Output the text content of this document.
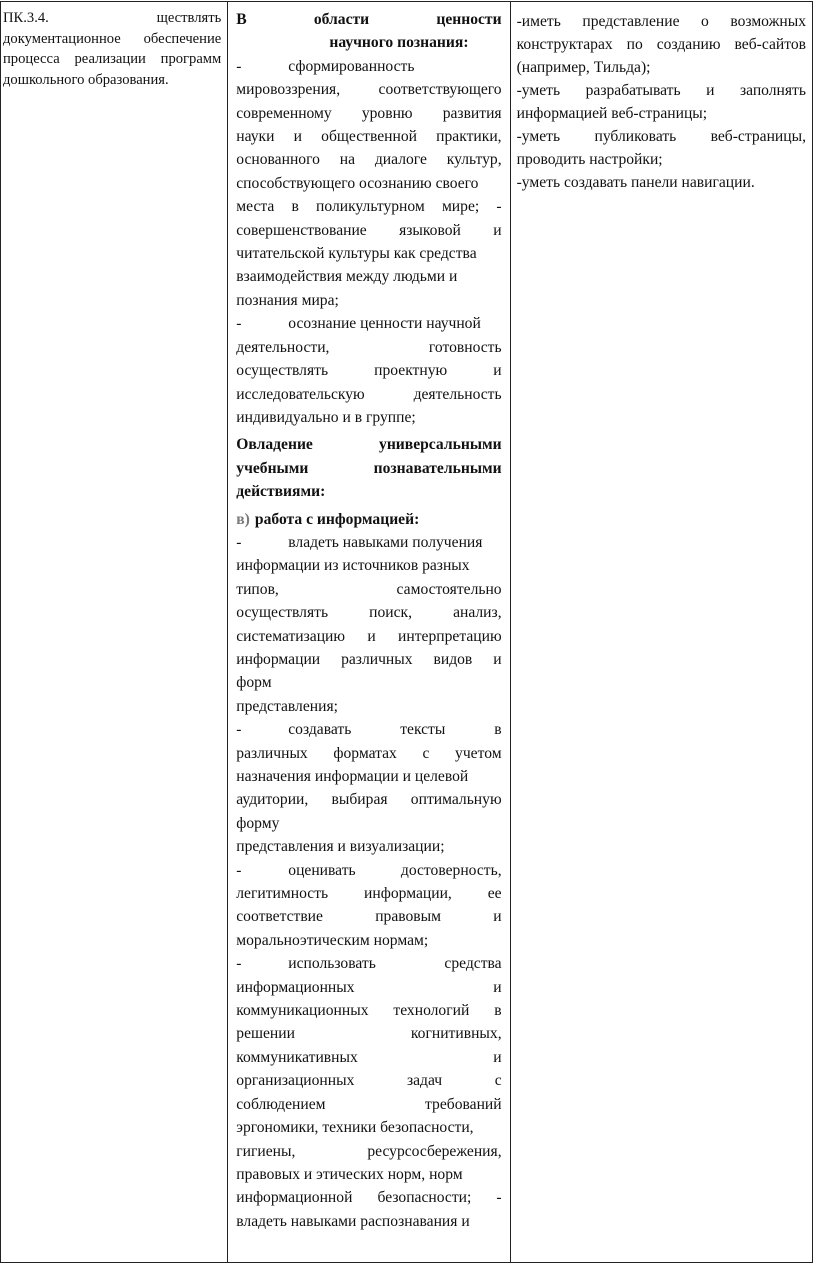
ПК.3.4. ществлять документационное обеспечение процесса реализации программ дошкольного образования.

В	области	ценности
научного познания:
-	сформированность
мировоззрения, соответствующего
современному уровню развития
науки и общественной практики,
основанного на диалоге культур,
способствующего осознанию своего
места в поликультурном мире; -
совершенствование языковой и
читательской культуры как средства
взаимодействия между людьми и
познания мира;
-	осознание ценности научной
деятельности,	готовность
осуществлять	проектную	и
исследовательскую	деятельность
индивидуально и в группе;
Овладение	универсальными
учебными	познавательными
действиями:
в) работа с информацией:
-	владеть навыками получения
информации из источников разных
типов,	самостоятельно
осуществлять	поиск,	анализ,
систематизацию и интерпретацию
информации различных видов и
форм
представления;
-	создавать	тексты	в
различных форматах с учетом
назначения информации и целевой
аудитории, выбирая оптимальную
форму
представления и визуализации;
-	оценивать	достоверность,
легитимность информации, ее
соответствие	правовым	и
моральноэтическим нормам;
-	использовать	средства
информационных	и
коммуникационных технологий в
решении	когнитивных,
коммуникативных	и
организационных	задач	с
соблюдением	требований
эргономики, техники безопасности,
гигиены,	ресурсосбережения,
правовых и этических норм, норм
информационной безопасности; -
владеть навыками распознавания и

-иметь представление о возможных конструктарах по созданию веб-сайтов (например, Тильда);
-уметь разрабатывать и заполнять информацией веб-страницы;
-уметь публиковать веб-страницы, проводить настройки;
-уметь создавать панели навигации.
